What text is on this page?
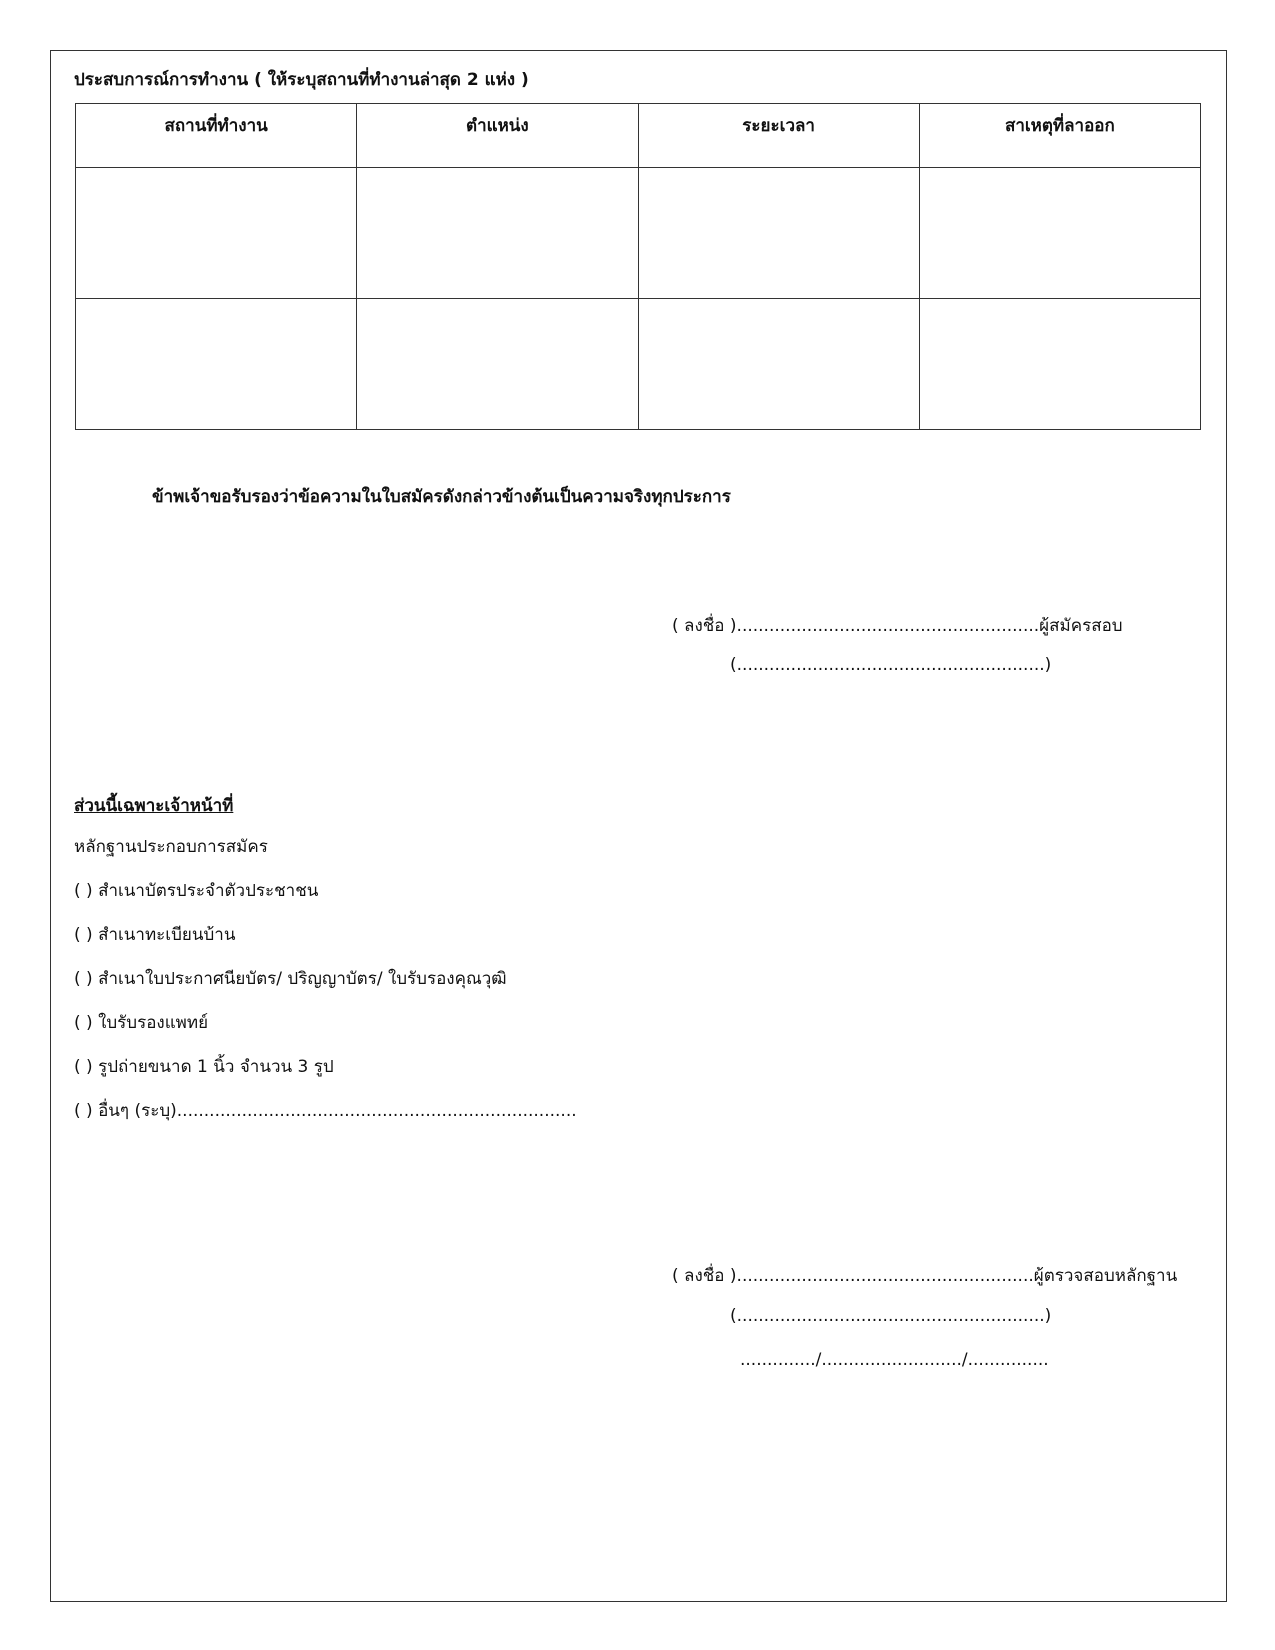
ประสบการณ์การทำงาน ( ให้ระบุสถานที่ทำงานล่าสุด 2 แห่ง )
สถานที่ทำงาน	ตำแหน่ง	ระยะเวลา	สาเหตุที่ลาออก

ข้าพเจ้าขอรับรองว่าข้อความในใบสมัครดังกล่าวข้างต้นเป็นความจริงทุกประการ
( ลงชื่อ )........................................................ผู้สมัครสอบ
(.........................................................)
ส่วนนี้เฉพาะเจ้าหน้าที่
หลักฐานประกอบการสมัคร
( ) สำเนาบัตรประจำตัวประชาชน
( ) สำเนาทะเบียนบ้าน
( ) สำเนาใบประกาศนียบัตร/ ปริญญาบัตร/ ใบรับรองคุณวุฒิ
( ) ใบรับรองแพทย์
( ) รูปถ่ายขนาด 1 นิ้ว จำนวน 3 รูป
( ) อื่นๆ (ระบุ)..........................................................................
( ลงชื่อ ).......................................................ผู้ตรวจสอบหลักฐาน
(.........................................................)
............../........................../...............
